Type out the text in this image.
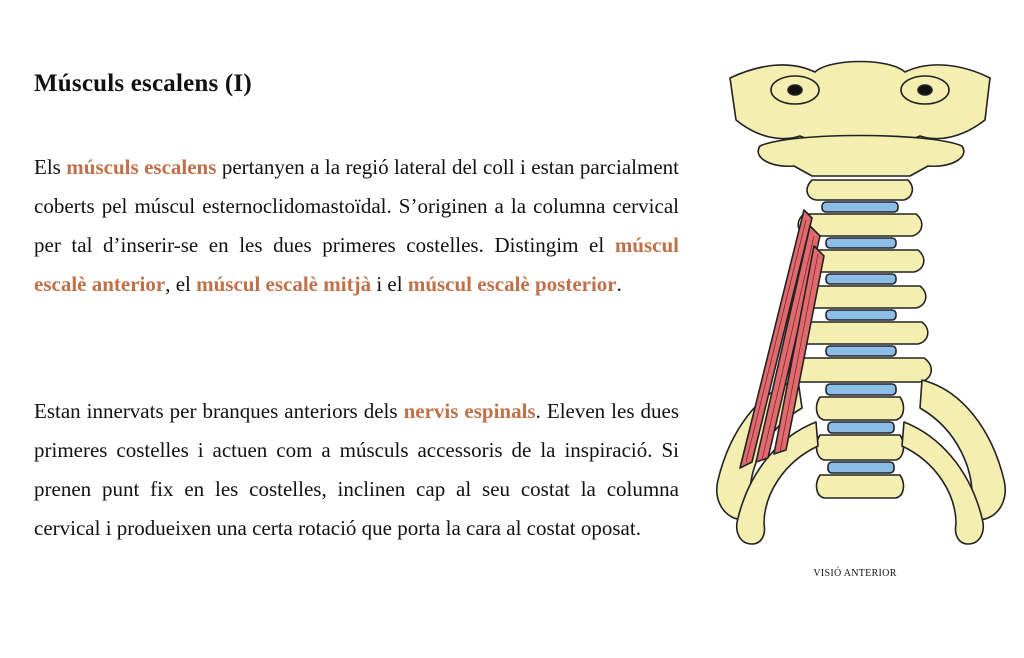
Músculs escalens (I)

Els músculs escalens pertanyen a la regió lateral del coll i estan parcialment coberts pel múscul esternoclidomastoïdal. S’originen a la columna cervical per tal d’inserir-se en les dues primeres costelles. Distingim el múscul escalè anterior, el múscul escalè mitjà i el múscul escalè posterior.

Estan innervats per branques anteriors dels nervis espinals. Eleven les dues primeres costelles i actuen com a músculs accessoris de la inspiració. Si prenen punt fix en les costelles, inclinen cap al seu costat la columna cervical i produeixen una certa rotació que porta la cara al costat oposat.

VISIÓ ANTERIOR
